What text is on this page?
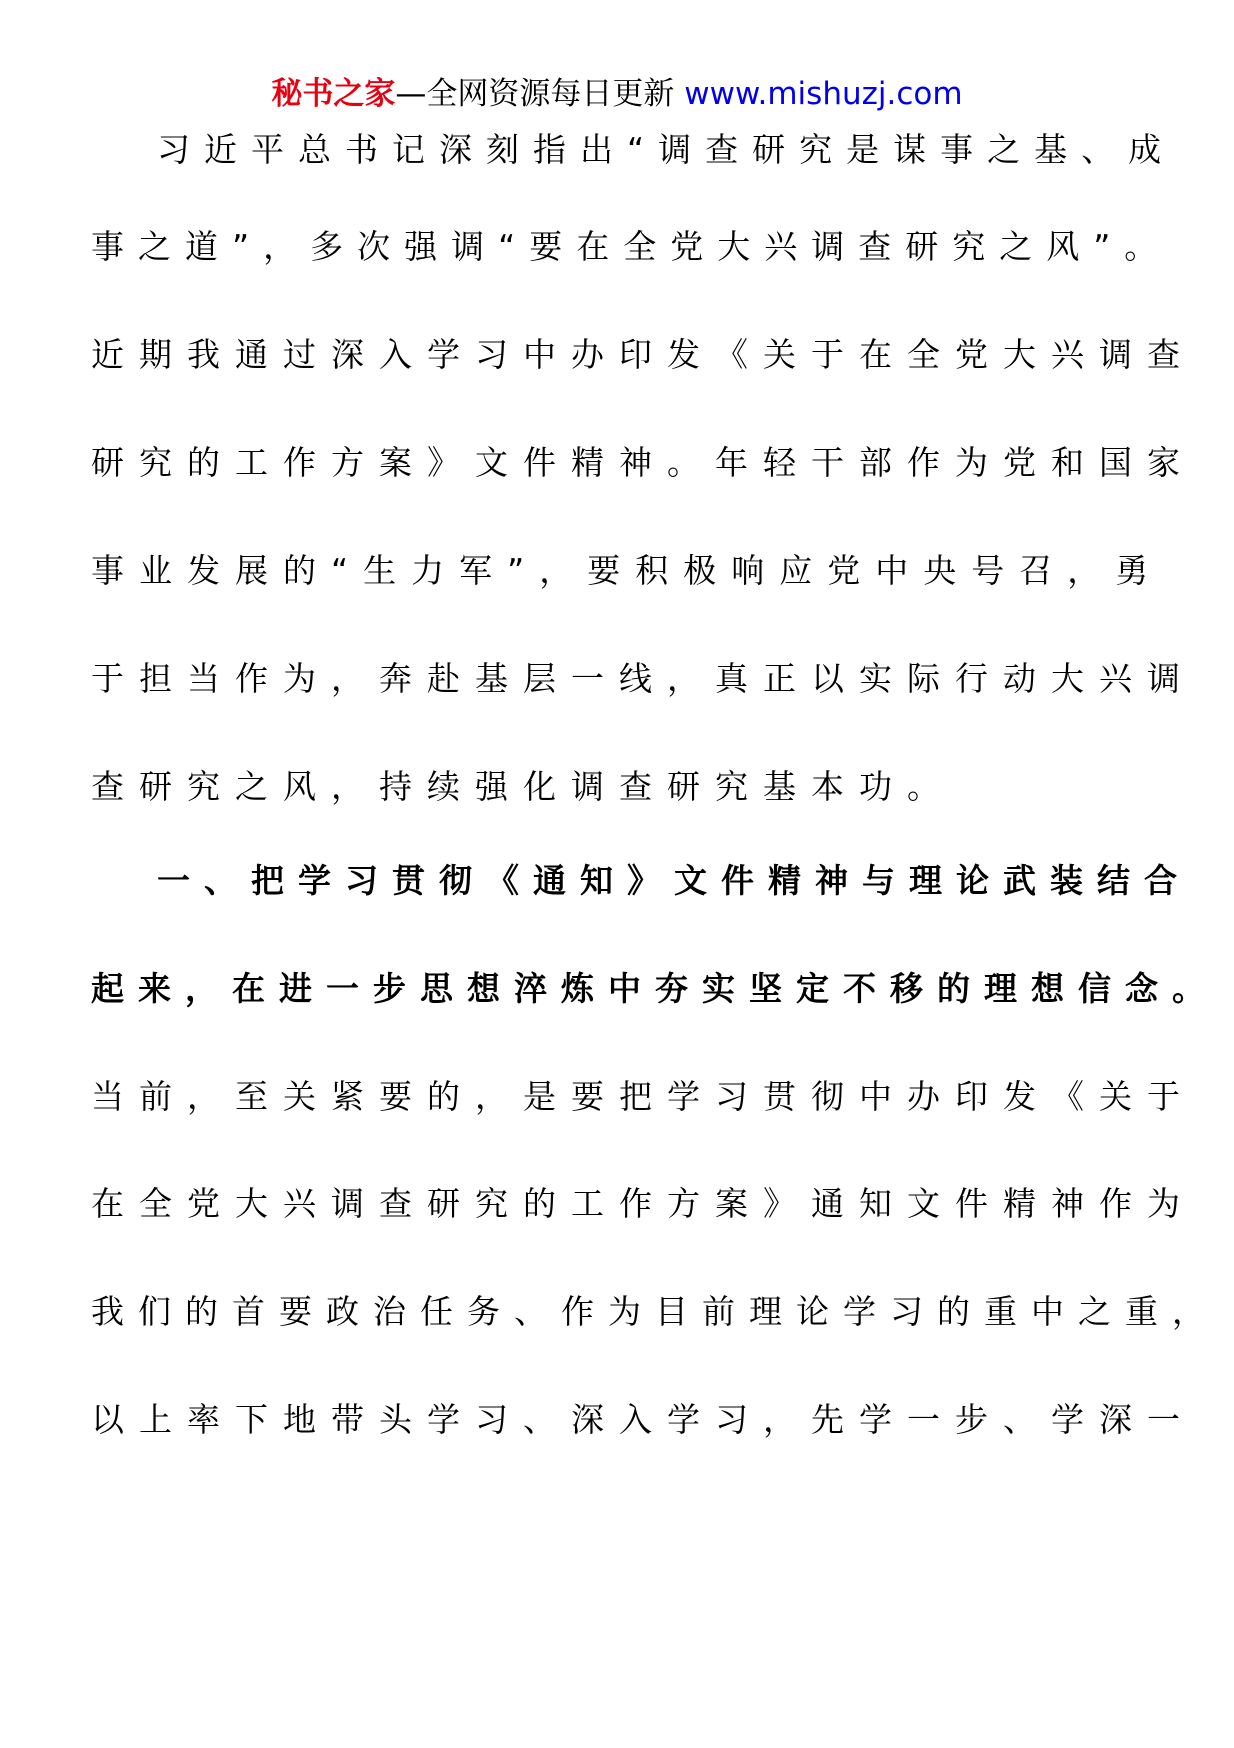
秘书之家—全网资源每日更新 www.mishuzj.com
习近平总书记深刻指出“调查研究是谋事之基、成
事之道”，多次强调“要在全党大兴调查研究之风”。
近期我通过深入学习中办印发《关于在全党大兴调查
研究的工作方案》文件精神。年轻干部作为党和国家
事业发展的“生力军”，要积极响应党中央号召，勇
于担当作为，奔赴基层一线，真正以实际行动大兴调
查研究之风，持续强化调查研究基本功。
一、把学习贯彻《通知》文件精神与理论武装结合
起来，在进一步思想淬炼中夯实坚定不移的理想信念。
当前，至关紧要的，是要把学习贯彻中办印发《关于
在全党大兴调查研究的工作方案》通知文件精神作为
我们的首要政治任务、作为目前理论学习的重中之重，
以上率下地带头学习、深入学习，先学一步、学深一
